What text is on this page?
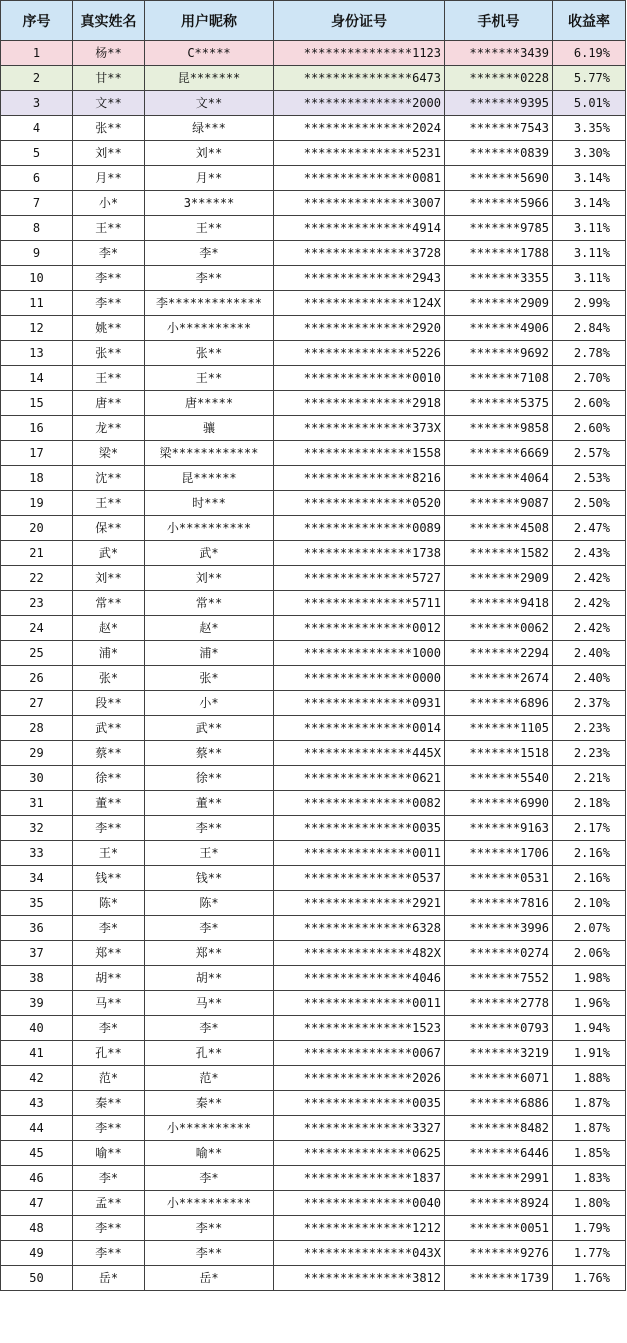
序号	真实姓名	用户昵称	身份证号	手机号	收益率
1	杨**	C*****	***************1123	*******3439	6.19%
2	甘**	昆*******	***************6473	*******0228	5.77%
3	文**	文**	***************2000	*******9395	5.01%
4	张**	绿***	***************2024	*******7543	3.35%
5	刘**	刘**	***************5231	*******0839	3.30%
6	月**	月**	***************0081	*******5690	3.14%
7	小*	3******	***************3007	*******5966	3.14%
8	王**	王**	***************4914	*******9785	3.11%
9	李*	李*	***************3728	*******1788	3.11%
10	李**	李**	***************2943	*******3355	3.11%
11	李**	李*************	***************124X	*******2909	2.99%
12	姚**	小**********	***************2920	*******4906	2.84%
13	张**	张**	***************5226	*******9692	2.78%
14	王**	王**	***************0010	*******7108	2.70%
15	唐**	唐*****	***************2918	*******5375	2.60%
16	龙**	骧	***************373X	*******9858	2.60%
17	梁*	梁************	***************1558	*******6669	2.57%
18	沈**	昆******	***************8216	*******4064	2.53%
19	王**	时***	***************0520	*******9087	2.50%
20	保**	小**********	***************0089	*******4508	2.47%
21	武*	武*	***************1738	*******1582	2.43%
22	刘**	刘**	***************5727	*******2909	2.42%
23	常**	常**	***************5711	*******9418	2.42%
24	赵*	赵*	***************0012	*******0062	2.42%
25	浦*	浦*	***************1000	*******2294	2.40%
26	张*	张*	***************0000	*******2674	2.40%
27	段**	小*	***************0931	*******6896	2.37%
28	武**	武**	***************0014	*******1105	2.23%
29	蔡**	蔡**	***************445X	*******1518	2.23%
30	徐**	徐**	***************0621	*******5540	2.21%
31	董**	董**	***************0082	*******6990	2.18%
32	李**	李**	***************0035	*******9163	2.17%
33	王*	王*	***************0011	*******1706	2.16%
34	钱**	钱**	***************0537	*******0531	2.16%
35	陈*	陈*	***************2921	*******7816	2.10%
36	李*	李*	***************6328	*******3996	2.07%
37	郑**	郑**	***************482X	*******0274	2.06%
38	胡**	胡**	***************4046	*******7552	1.98%
39	马**	马**	***************0011	*******2778	1.96%
40	李*	李*	***************1523	*******0793	1.94%
41	孔**	孔**	***************0067	*******3219	1.91%
42	范*	范*	***************2026	*******6071	1.88%
43	秦**	秦**	***************0035	*******6886	1.87%
44	李**	小**********	***************3327	*******8482	1.87%
45	喻**	喻**	***************0625	*******6446	1.85%
46	李*	李*	***************1837	*******2991	1.83%
47	孟**	小**********	***************0040	*******8924	1.80%
48	李**	李**	***************1212	*******0051	1.79%
49	李**	李**	***************043X	*******9276	1.77%
50	岳*	岳*	***************3812	*******1739	1.76%
